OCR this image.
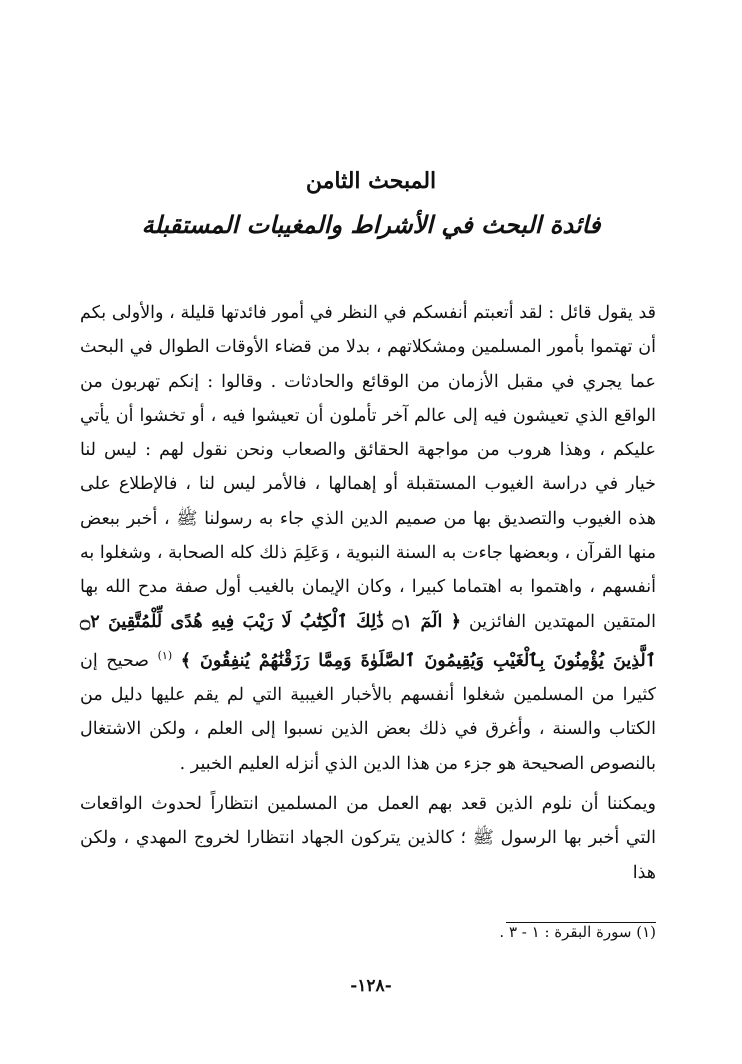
المبحث الثامن
فائدة البحث في الأشراط والمغيبات المستقبلة

قد يقول قائل : لقد أتعبتم أنفسكم في النظر في أمور فائدتها قليلة ، والأولى بكم أن تهتموا بأمور المسلمين ومشكلاتهم ، بدلا من قضاء الأوقات الطوال في البحث عما يجري في مقبل الأزمان من الوقائع والحادثات . وقالوا : إنكم تهربون من الواقع الذي تعيشون فيه إلى عالم آخر تأملون أن تعيشوا فيه ، أو تخشوا أن يأتي عليكم ، وهذا هروب من مواجهة الحقائق والصعاب ونحن نقول لهم : ليس لنا خيار في دراسة الغيوب المستقبلة أو إهمالها ، فالأمر ليس لنا ، فالإطلاع على هذه الغيوب والتصديق بها من صميم الدين الذي جاء به رسولنا ﷺ ، أخبر ببعض منها القرآن ، وبعضها جاءت به السنة النبوية ، وَعَلِمَ ذلك كله الصحابة ، وشغلوا به أنفسهم ، واهتموا به اهتماما كبيرا ، وكان الإيمان بالغيب أول صفة مدح الله بها المتقين المهتدين الفائزين ﴿ الٓمٓ ۝١ ذَٰلِكَ ٱلْكِتَٰبُ لَا رَيْبَ فِيهِ هُدًى لِّلْمُتَّقِينَ ۝٢ ٱلَّذِينَ يُؤْمِنُونَ بِٱلْغَيْبِ وَيُقِيمُونَ ٱلصَّلَوٰةَ وَمِمَّا رَزَقْنَٰهُمْ يُنفِقُونَ ﴾ $^{(١)}$ صحيح إن كثيرا من المسلمين شغلوا أنفسهم بالأخبار الغيبية التي لم يقم عليها دليل من الكتاب والسنة ، وأغرق في ذلك بعض الذين نسبوا إلى العلم ، ولكن الاشتغال بالنصوص الصحيحة هو جزء من هذا الدين الذي أنزله العليم الخبير .

ويمكننا أن نلوم الذين قعد بهم العمل من المسلمين انتظاراً لحدوث الواقعات التي أخبر بها الرسول ﷺ ؛ كالذين يتركون الجهاد انتظارا لخروج المهدي ، ولكن هذا

(١) سورة البقرة : ١ - ٣ .
-١٢٨-
